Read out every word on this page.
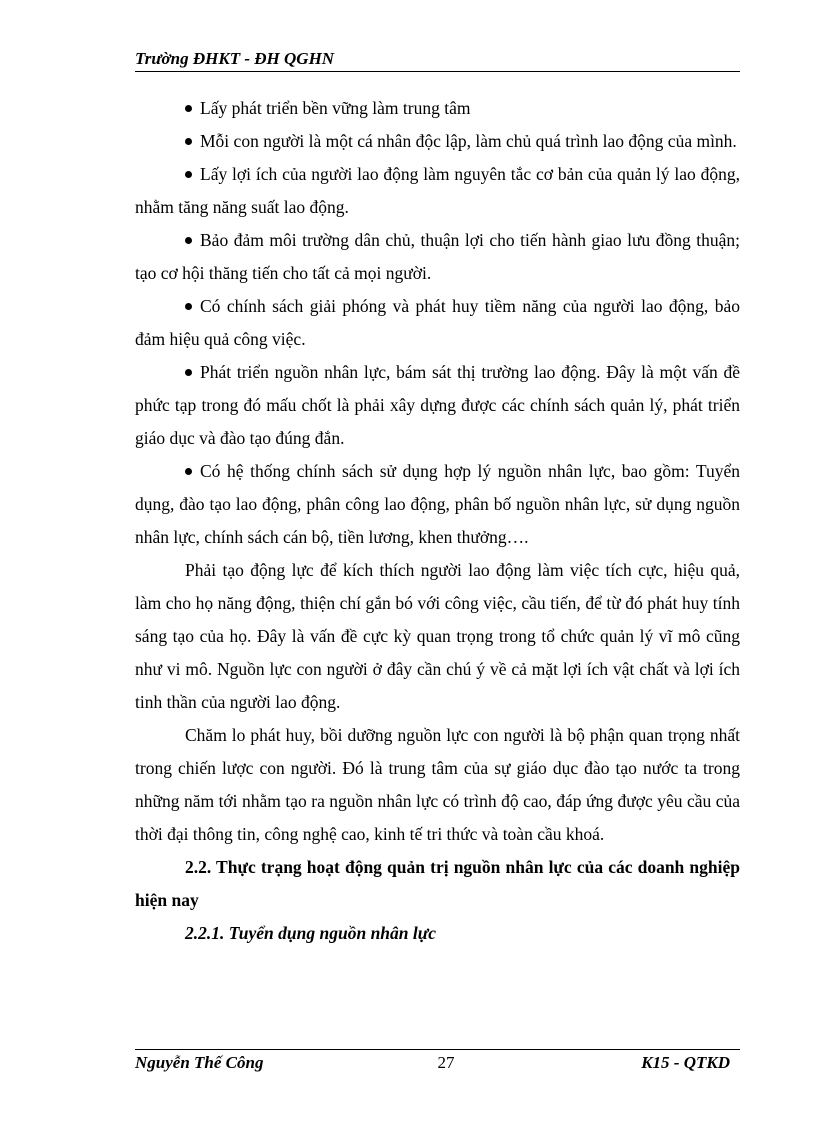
Trường ĐHKT - ĐH QGHN

Lấy phát triển bền vững làm trung tâm

Mỗi con người là một cá nhân độc lập, làm chủ quá trình lao động của mình.

Lấy lợi ích của người lao động làm nguyên tắc cơ bản của quản lý lao động, nhằm tăng năng suất lao động.

Bảo đảm môi trường dân chủ, thuận lợi cho tiến hành giao lưu đồng thuận; tạo cơ hội thăng tiến cho tất cả mọi người.

Có chính sách giải phóng và phát huy tiềm năng của người lao động, bảo đảm hiệu quả công việc.

Phát triển nguồn nhân lực, bám sát thị trường lao động. Đây là một vấn đề phức tạp trong đó mấu chốt là phải xây dựng được các chính sách quản lý, phát triển giáo dục và đào tạo đúng đắn.

Có hệ thống chính sách sử dụng hợp lý nguồn nhân lực, bao gồm: Tuyển dụng, đào tạo lao động, phân công lao động, phân bố nguồn nhân lực, sử dụng nguồn nhân lực, chính sách cán bộ, tiền lương, khen thưởng….

Phải tạo động lực để kích thích người lao động làm việc tích cực, hiệu quả, làm cho họ năng động, thiện chí gắn bó với công việc, cầu tiến, để từ đó phát huy tính sáng tạo của họ. Đây là vấn đề cực kỳ quan trọng trong tổ chức quản lý vĩ mô cũng như vi mô. Nguồn lực con người ở đây cần chú ý về cả mặt lợi ích vật chất và lợi ích tinh thần của người lao động.

Chăm lo phát huy, bồi dưỡng nguồn lực con người là bộ phận quan trọng nhất trong chiến lược con người. Đó là trung tâm của sự giáo dục đào tạo nước ta trong những năm tới nhằm tạo ra nguồn nhân lực có trình độ cao, đáp ứng được yêu cầu của thời đại thông tin, công nghệ cao, kinh tế tri thức và toàn cầu khoá.

2.2. Thực trạng hoạt động quản trị nguồn nhân lực của các doanh nghiệp hiện nay

2.2.1. Tuyển dụng nguồn nhân lực

Nguyễn Thế Công	27	K15 - QTKD
